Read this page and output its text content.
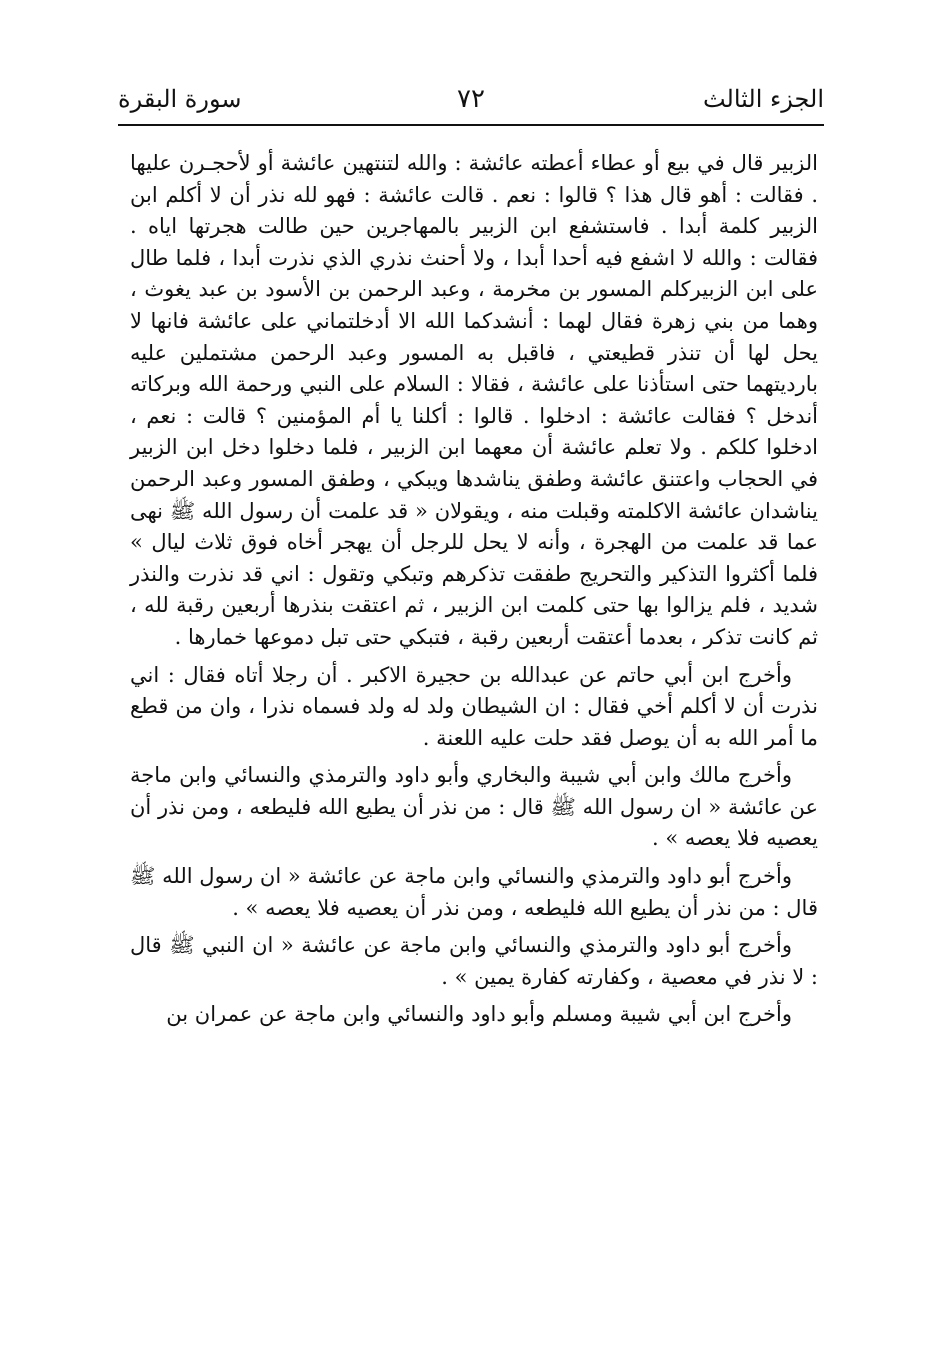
الجزء الثالث
٧٢
سورة البقرة

الزبير قال في بيع أو عطاء أعطته عائشة : والله لتنتهين عائشة أو لأحجـرن عليها . فقالت : أهو قال هذا ؟ قالوا : نعم . قالت عائشة : فهو لله نذر أن لا أكلم ابن الزبير كلمة أبدا . فاستشفع ابن الزبير بالمهاجرين حين طالت هجرتها اياه . فقالت : والله لا اشفع فيه أحدا أبدا ، ولا أحنث نذري الذي نذرت أبدا ، فلما طال على ابن الزبيركلم المسور بن مخرمة ، وعبد الرحمن بن الأسود بن عبد يغوث ، وهما من بني زهرة فقال لهما : أنشدكما الله الا أدخلتماني على عائشة فانها لا يحل لها أن تنذر قطيعتي ، فاقبل به المسور وعبد الرحمن مشتملين عليه بارديتهما حتى استأذنا على عائشة ، فقالا : السلام على النبي ورحمة الله وبركاته أندخل ؟ فقالت عائشة : ادخلوا . قالوا : أكلنا يا أم المؤمنين ؟ قالت : نعم ، ادخلوا كلكم . ولا تعلم عائشة أن معهما ابن الزبير ، فلما دخلوا دخل ابن الزبير في الحجاب واعتنق عائشة وطفق يناشدها ويبكي ، وطفق المسور وعبد الرحمن يناشدان عائشة الاكلمته وقبلت منه ، ويقولان « قد علمت أن رسول الله ﷺ نهى عما قد علمت من الهجرة ، وأنه لا يحل للرجل أن يهجر أخاه فوق ثلاث ليال » فلما أكثروا التذكير والتحريج طفقت تذكرهم وتبكي وتقول : اني قد نذرت والنذر شديد ، فلم يزالوا بها حتى كلمت ابن الزبير ، ثم اعتقت بنذرها أربعين رقبة لله ، ثم كانت تذكر ، بعدما أعتقت أربعين رقبة ، فتبكي حتى تبل دموعها خمارها .

وأخرج ابن أبي حاتم عن عبدالله بن حجيرة الاكبر . أن رجلا أتاه فقال : اني نذرت أن لا أكلم أخي فقال : ان الشيطان ولد له ولد فسماه نذرا ، وان من قطع ما أمر الله به أن يوصل فقد حلت عليه اللعنة .

وأخرج مالك وابن أبي شيبة والبخاري وأبو داود والترمذي والنسائي وابن ماجة عن عائشة « ان رسول الله ﷺ قال : من نذر أن يطيع الله فليطعه ، ومن نذر أن يعصيه فلا يعصه » .

وأخرج أبو داود والترمذي والنسائي وابن ماجة عن عائشة « ان رسول الله ﷺ قال : من نذر أن يطيع الله فليطعه ، ومن نذر أن يعصيه فلا يعصه » .

وأخرج أبو داود والترمذي والنسائي وابن ماجة عن عائشة « ان النبي ﷺ قال : لا نذر في معصية ، وكفارته كفارة يمين » .

وأخرج ابن أبي شيبة ومسلم وأبو داود والنسائي وابن ماجة عن عمران بن
